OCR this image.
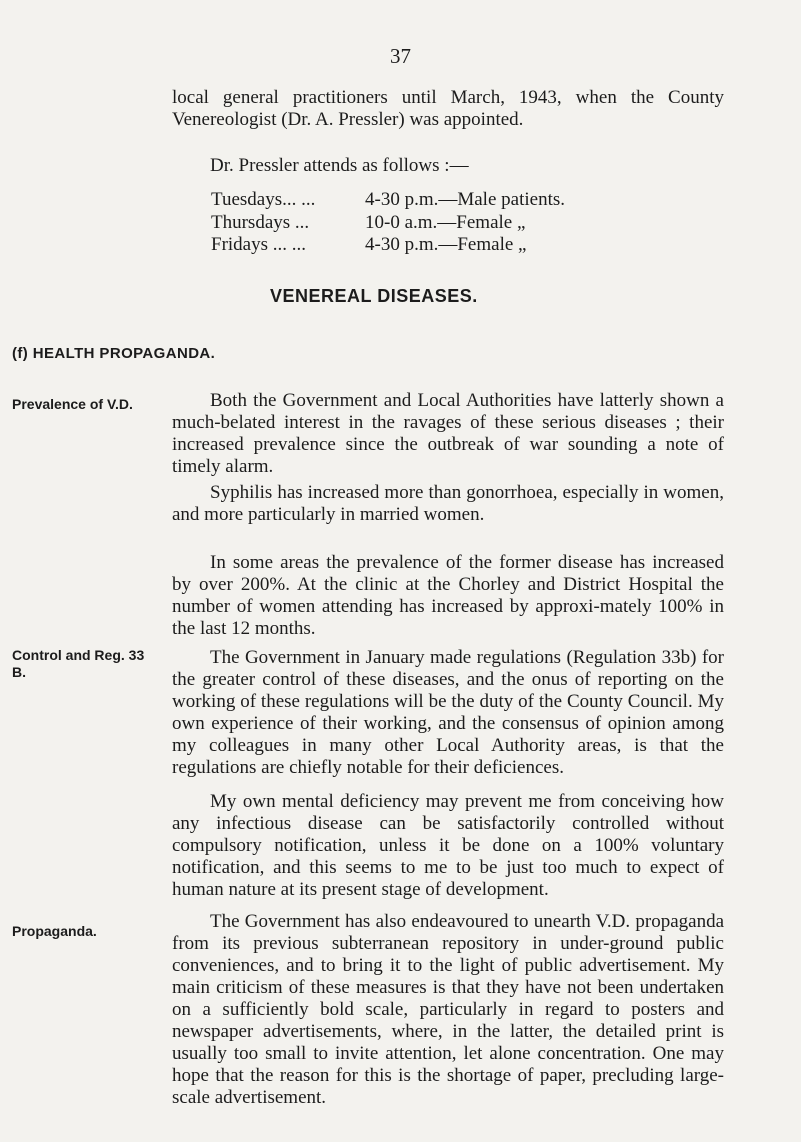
37

local general practitioners until March, 1943, when the County Venereologist (Dr. A. Pressler) was appointed.

Dr. Pressler attends as follows :—

Tuesdays... ...	4-30 p.m.—Male patients.
Thursdays ...	10-0 a.m.—Female „
Fridays ... ...	4-30 p.m.—Female „
VENEREAL DISEASES.
(f) HEALTH PROPAGANDA.
Prevalence of V.D.
Control and Reg. 33 B.
Propaganda.

Both the Government and Local Authorities have latterly shown a much-belated interest in the ravages of these serious diseases ; their increased prevalence since the outbreak of war sounding a note of timely alarm.

Syphilis has increased more than gonorrhoea, especially in women, and more particularly in married women.

In some areas the prevalence of the former disease has increased by over 200%. At the clinic at the Chorley and District Hospital the number of women attending has increased by approxi-mately 100% in the last 12 months.

The Government in January made regulations (Regulation 33b) for the greater control of these diseases, and the onus of reporting on the working of these regulations will be the duty of the County Council. My own experience of their working, and the consensus of opinion among my colleagues in many other Local Authority areas, is that the regulations are chiefly notable for their deficiences.

My own mental deficiency may prevent me from conceiving how any infectious disease can be satisfactorily controlled without compulsory notification, unless it be done on a 100% voluntary notification, and this seems to me to be just too much to expect of human nature at its present stage of development.

The Government has also endeavoured to unearth V.D. propaganda from its previous subterranean repository in under-ground public conveniences, and to bring it to the light of public advertisement. My main criticism of these measures is that they have not been undertaken on a sufficiently bold scale, particularly in regard to posters and newspaper advertisements, where, in the latter, the detailed print is usually too small to invite attention, let alone concentration. One may hope that the reason for this is the shortage of paper, precluding large-scale advertisement.
